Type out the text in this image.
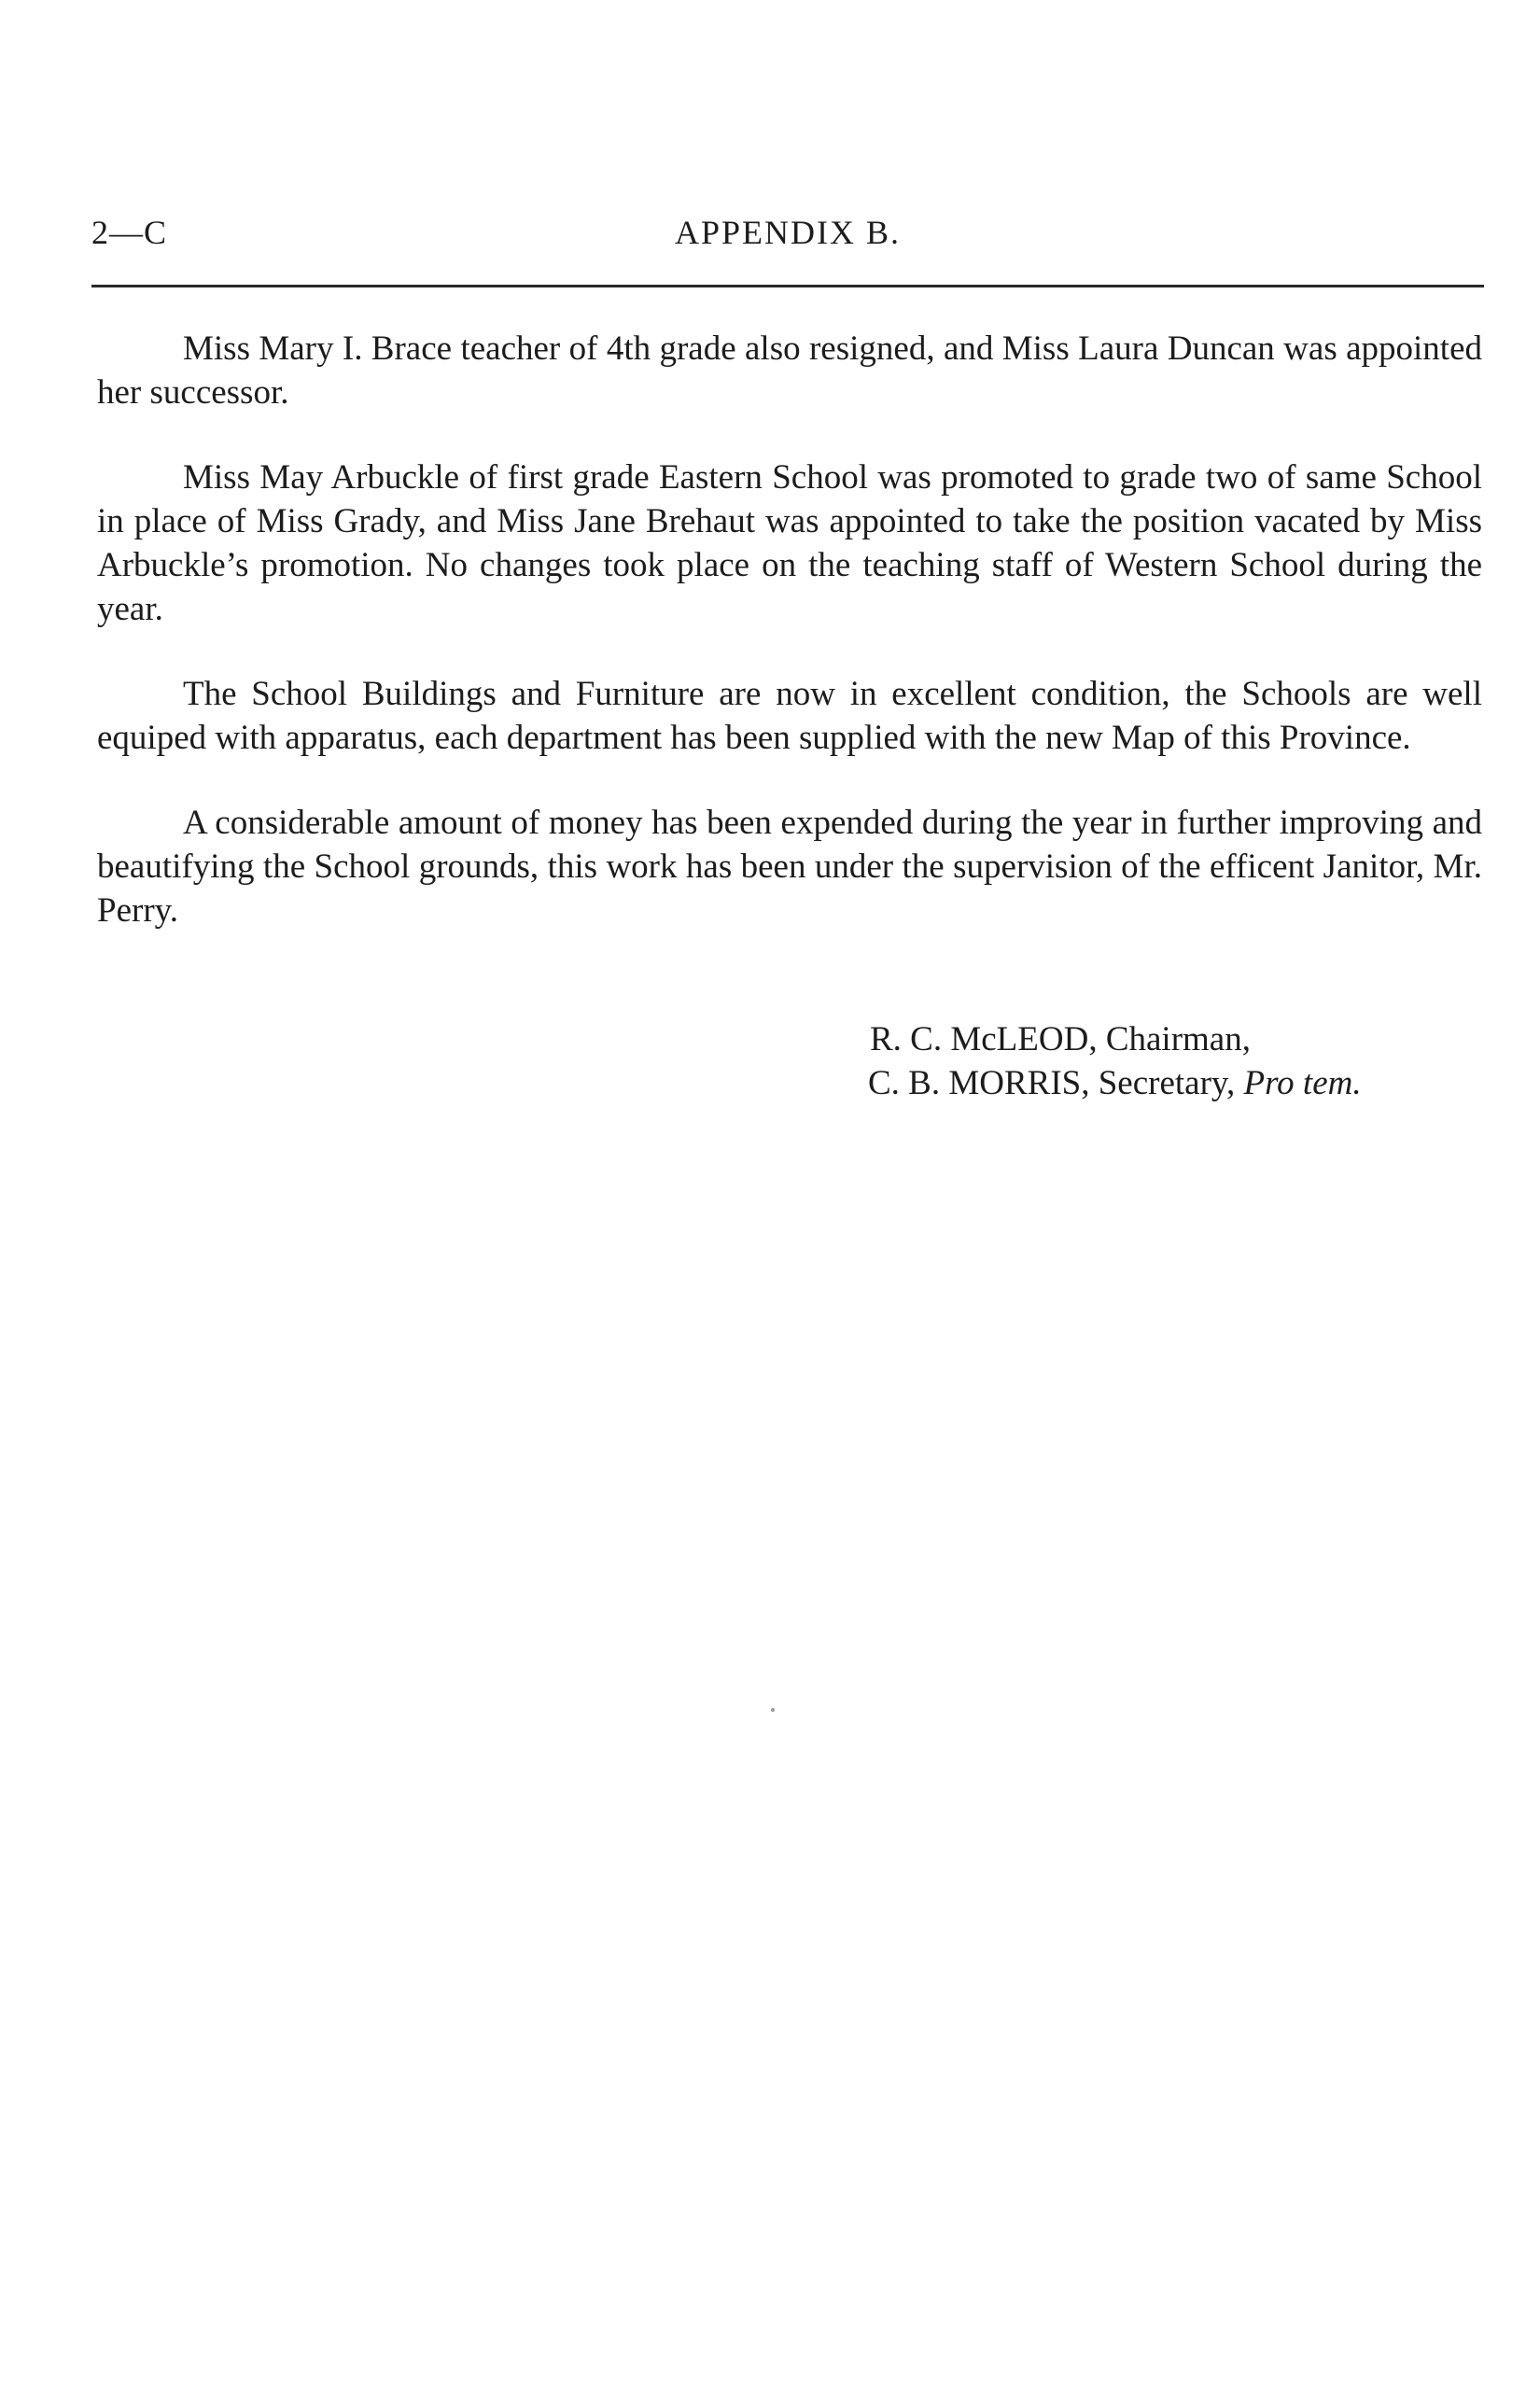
2—C	APPENDIX B.

Miss Mary I. Brace teacher of 4th grade also resigned, and Miss Laura Duncan was appointed her successor.

Miss May Arbuckle of first grade Eastern School was promoted to grade two of same School in place of Miss Grady, and Miss Jane Brehaut was appointed to take the position vacated by Miss Arbuckle’s promotion. No changes took place on the teaching staff of Western School during the year.

The School Buildings and Furniture are now in excellent condition, the Schools are well equiped with apparatus, each department has been supplied with the new Map of this Province.

A considerable amount of money has been expended during the year in further improving and beautifying the School grounds, this work has been under the supervision of the efficent Janitor, Mr. Perry.

R. C. McLEOD, Chairman,
C. B. MORRIS, Secretary, Pro tem.
